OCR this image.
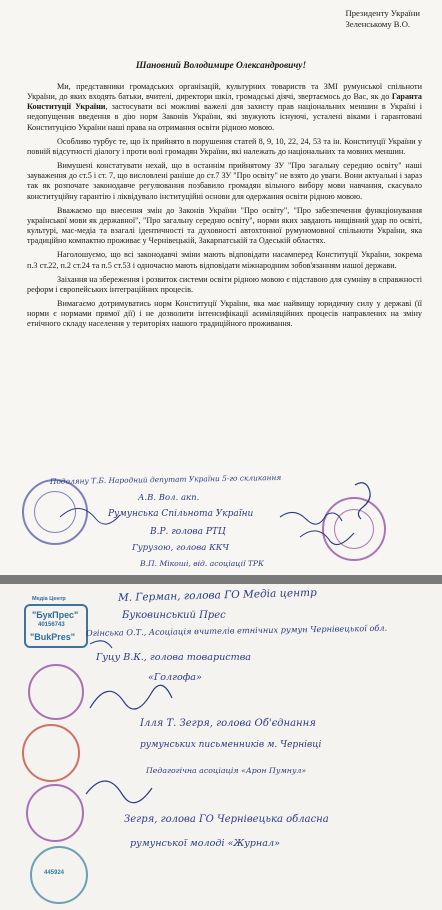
Президенту України
Зеленському В.О.
Шановний Володимире Олександровичу!

Ми, представники громадських організацій, культурних товариств та ЗМІ румунської спільноти України, до яких входять батьки, вчителі, директори шкіл, громадські діячі, звертаємось до Вас, як до Гаранта Конституції України, застосувати всі можливі важелі для захисту прав національних меншин в Україні і недопущення введення в дію норм Законів України, які звужують існуючі, усталені віками і гарантовані Конституцією України наші права на отримання освіти рідною мовою.

Особливо турбує те, що їх прийнято в порушення статей 8, 9, 10, 22, 24, 53 та ін. Конституції України у повній відсутності діалогу і проти волі громадян України, які належать до національних та мовних меншин.

Вимушені констатувати нехай, що в останнім прийнятому ЗУ "Про загальну середню освіту" наші зауваження до ст.5 і ст. 7, що висловлені раніше до ст.7 ЗУ "Про освіту" не взято до уваги. Вони актуальні і зараз так як розпочате законодавче регулювання позбавило громадян вільного вибору мови навчання, скасувало конституційну гарантію і ліквідувало інституційні основи для одержання освіти рідною мовою.

Вважаємо що внесення змін до Законів України "Про освіту", "Про забезпечення функціонування української мови як державної", "Про загальну середню освіту", норми яких завдають нищівний удар по освіті, культурі, мас-медіа та взагалі ідентичності та духовності автохтонної румуномовної спільноти України, яка традиційно компактно проживає у Чернівецькій, Закарпатській та Одеській областях.

Наголошуємо, що всі законодавчі зміни мають відповідати насамперед Конституції України, зокрема п.3 ст.22, п.2 ст.24 та п.5 ст.53 і одночасно мають відповідати міжнародним зобов'язанням нашої держави.

Заіхання на збереження і розвиток системи освіти рідною мовою є підставою для сумніву в справжності реформ і європейських інтеграційних процесів.

Вимагаємо дотримуватись норм Конституції України, яка має найвищу юридичну силу у державі (її норми є нормами прямої дії) і не дозволити інтенсифікації асиміляційних процесів направлених на зміну етнічного складу населення у територіях нашого традиційного проживання.

Подоляну Т.Б. Народний депутат України 5-го скликання
А.В. Вол. акп.
Румунська Спільнота України
В.Р. голова РТЦ
Гурузою, голова ККЧ
В.П. Мікоші, від. асоціації ТРК
Медіа Центр
"БукПрес"
40156743
"BukPres"
445924
М. Герман, голова ГО Медіа центр
Буковинський Прес
Огінська О.Т., Асоціація вчителів етнічних румун Чернівецької обл.
Гуцу В.К., голова товариства
«Голгофа»
Ілля Т. Зегря, голова Об'єднання
румунських письменників м. Чернівці
Педагогічна асоціація «Арон Пумнул»
Зегря, голова ГО Чернівецька обласна
румунської молоді «Журнал»
